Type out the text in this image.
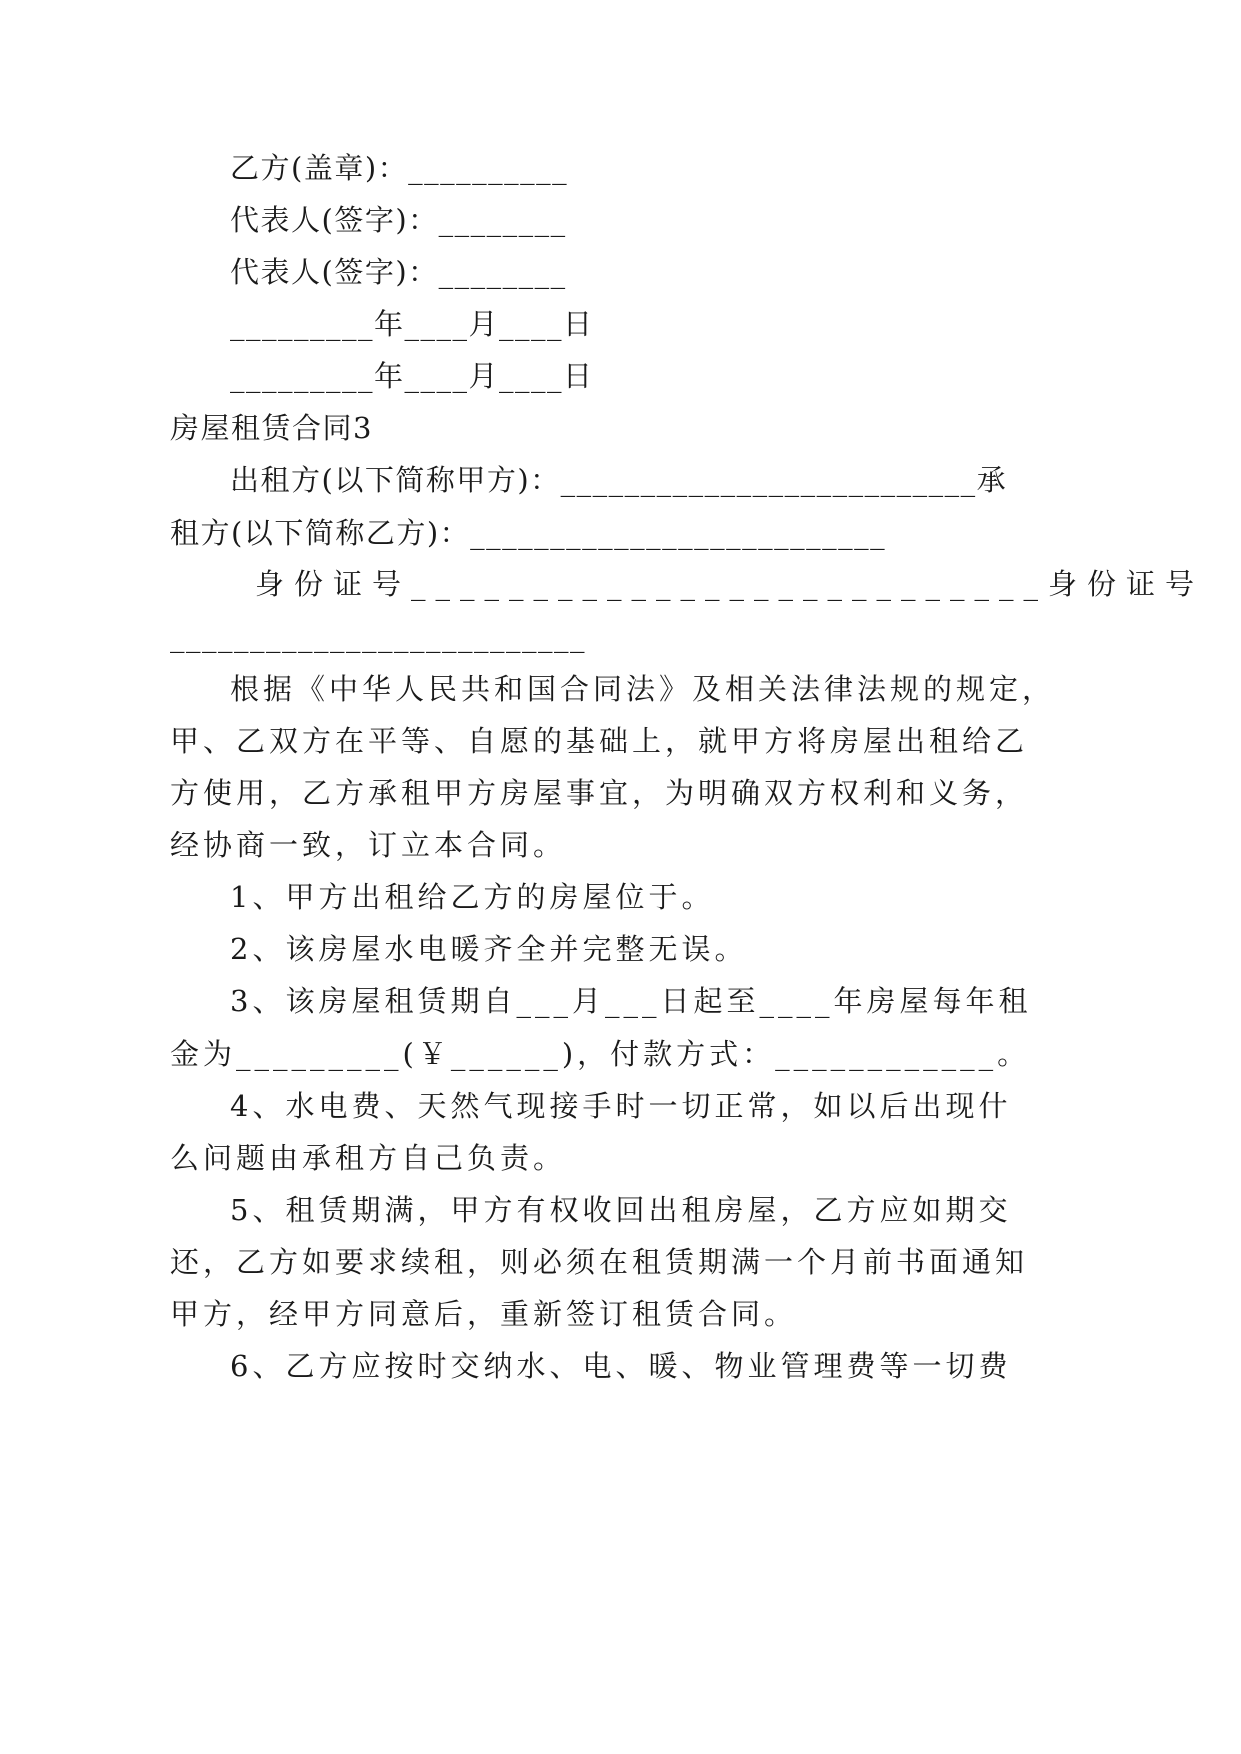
乙方(盖章)：__________
代表人(签字)：________
代表人(签字)：________
_________年____月____日
_________年____月____日
房屋租赁合同3
出租方(以下简称甲方)：__________________________承
租方(以下简称乙方)：__________________________
身份证号__________________________身份证号
__________________________
根据《中华人民共和国合同法》及相关法律法规的规定，
甲、乙双方在平等、自愿的基础上，就甲方将房屋出租给乙
方使用，乙方承租甲方房屋事宜，为明确双方权利和义务，
经协商一致，订立本合同。
1、甲方出租给乙方的房屋位于。
2、该房屋水电暖齐全并完整无误。
3、该房屋租赁期自___月___日起至____年房屋每年租
金为_________(￥______)，付款方式：____________。
4、水电费、天然气现接手时一切正常，如以后出现什
么问题由承租方自己负责。
5、租赁期满，甲方有权收回出租房屋，乙方应如期交
还，乙方如要求续租，则必须在租赁期满一个月前书面通知
甲方，经甲方同意后，重新签订租赁合同。
6、乙方应按时交纳水、电、暖、物业管理费等一切费
